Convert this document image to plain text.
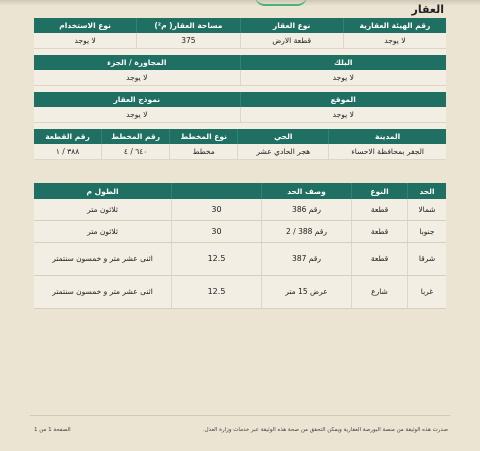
العقار
رقم الهيئة العقارية
نوع العقار
مساحة العقار( م²)
نوع الاستخدام
لا يوجد
قطعة الارض
375
لا يوجد
البلك
المجاورة / الجزء
لا يوجد
لا يوجد
الموقع
نموذج العقار
لا يوجد
لا يوجد
المدينة
الحي
نوع المخطط
رقم المخطط
رقم القطعة
الجفر بمحافظة الاحساء
هجر الحادي عشر
مخطط
٦٤٠ / ٤
٣٨٨ / ١
الحد
النوع
وصف الحد
الطول م
شمالا
قطعة
رقم 386
30
ثلاثون متر
جنوبا
قطعة
رقم 388 / 2
30
ثلاثون متر
شرقا
قطعة
رقم 387
12.5
اثنى عشر متر و خمسون سنتمتر
غربا
شارع
عرض 15 متر
12.5
اثنى عشر متر و خمسون سنتمتر
صدرت هذه الوثيقة من منصة البورصة العقارية ويمكن التحقق من صحة هذه الوثيقة عبر خدمات وزارة العدل.
الصفحة 1 من 1
